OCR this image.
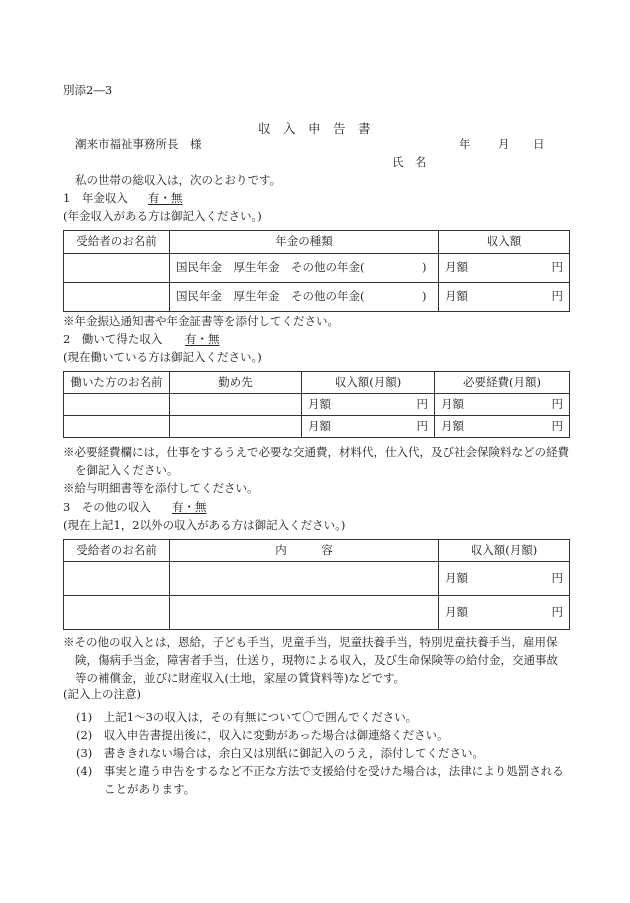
別添2―3
収　入　申　告　書
潮来市福祉事務所長　様	年 月 日
氏　名
私の世帯の総収入は，次のとおりです。
1　年金収入 有・無
(年金収入がある方は御記入ください。)
受給者のお名前	年金の種類	収入額
	国民年金　厚生年金　その他の年金(　　　　　)	月額 円

	国民年金　厚生年金　その他の年金(　　　　　)	月額 円
※年金振込通知書や年金証書等を添付してください。
2　働いて得た収入 有・無
(現在働いている方は御記入ください。)
働いた方のお名前	勤め先	収入額(月額)	必要経費(月額)

		月額 円	月額 円

		月額 円	月額 円
※必要経費欄には，仕事をするうえで必要な交通費，材料代，仕入代，及び社会保険料などの経費を御記入ください。
※給与明細書等を添付してください。
3　その他の収入 有・無
(現在上記1，2以外の収入がある方は御記入ください。)
受給者のお名前	内　　　容	収入額(月額)

		月額 円

		月額 円
※その他の収入とは，恩給，子ども手当，児童手当，児童扶養手当，特別児童扶養手当，雇用保険，傷病手当金，障害者手当，仕送り，現物による収入，及び生命保険等の給付金，交通事故等の補償金，並びに財産収入(土地，家屋の賃貸料等)などです。
(記入上の注意)
(1)　上記1～3の収入は，その有無について〇で囲んでください。
(2)　収入申告書提出後に，収入に変動があった場合は御連絡ください。
(3)　書ききれない場合は，余白又は別紙に御記入のうえ，添付してください。
(4)　事実と違う申告をするなど不正な方法で支援給付を受けた場合は，法律により処罰されることがあります。
